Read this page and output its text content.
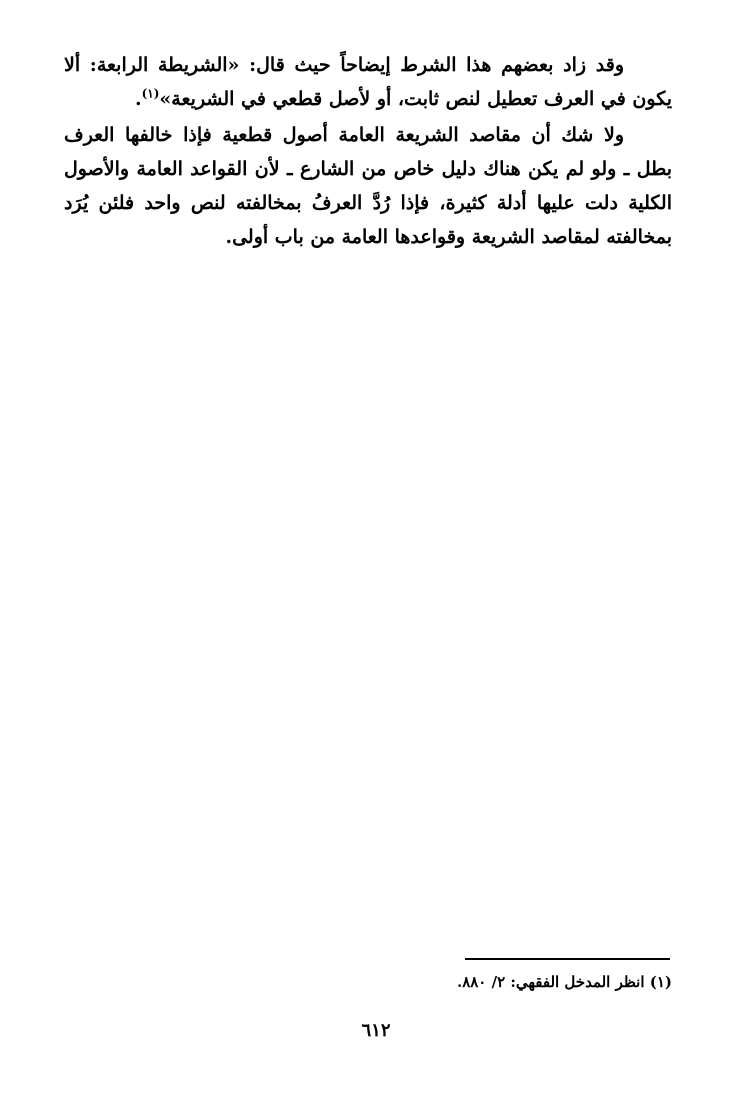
وقد زاد بعضهم هذا الشرط إيضاحاً حيث قال: «الشريطة الرابعة: ألا يكون في العرف تعطيل لنص ثابت، أو لأصل قطعي في الشريعة»$^{(١)}$.

ولا شك أن مقاصد الشريعة العامة أصول قطعية فإذا خالفها العرف بطل ـ ولو لم يكن هناك دليل خاص من الشارع ـ لأن القواعد العامة والأصول الكلية دلت عليها أدلة كثيرة، فإذا رُدَّ العرفُ بمخالفته لنص واحد فلئن يُرَد بمخالفته لمقاصد الشريعة وقواعدها العامة من باب أولى.

(١) انظر المدخل الفقهي: ٢/ ٨٨٠.
٦١٢
